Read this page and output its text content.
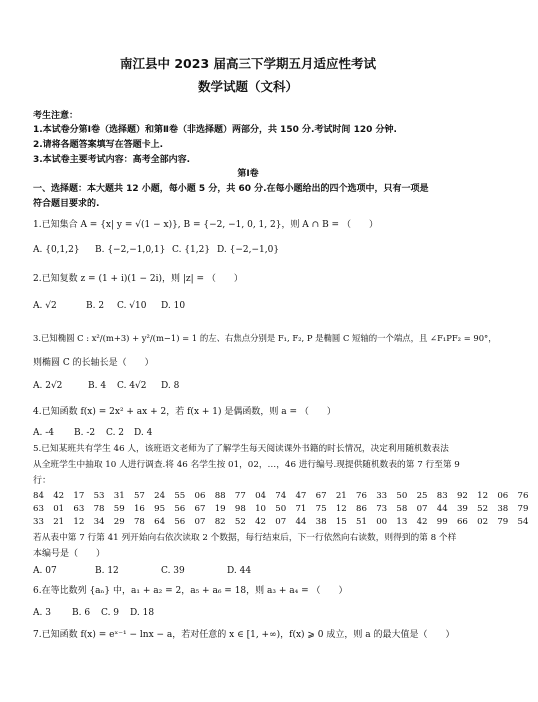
南江县中 2023 届高三下学期五月适应性考试
数学试题（文科）
考生注意：
1.本试卷分第Ⅰ卷（选择题）和第Ⅱ卷（非选择题）两部分，共 150 分.考试时间 120 分钟.
2.请将各题答案填写在答题卡上.
3.本试卷主要考试内容：高考全部内容.
第Ⅰ卷
一、选择题：本大题共 12 小题，每小题 5 分，共 60 分.在每小题给出的四个选项中，只有一项是
符合题目要求的.
1.已知集合 A = {x| y = √(1 − x)}, B = {−2, −1, 0, 1, 2}，则 A ∩ B = （　　）
A. {0,1,2} B. {−2,−1,0,1} C. {1,2} D. {−2,−1,0}
2.已知复数 z = (1 + i)(1 − 2i)，则 |z| = （　　）
A. √2	B. 2 C. √10 D. 10
3.已知椭圆 C : x²/(m+3) + y²/(m−1) = 1 的左、右焦点分别是 F₁, F₂, P 是椭圆 C 短轴的一个端点，且 ∠F₁PF₂ = 90°，
则椭圆 C 的长轴长是（　　）
A. 2√2	B. 4 C. 4√2 D. 8
4.已知函数 f(x) = 2x² + ax + 2，若 f(x + 1) 是偶函数，则 a = （　　）
A. -4 B. -2 C. 2 D. 4
5.已知某班共有学生 46 人，该班语文老师为了了解学生每天阅读课外书籍的时长情况，决定利用随机数表法
从全班学生中抽取 10 人进行调查.将 46 名学生按 01，02，…，46 进行编号.现提供随机数表的第 7 行至第 9
行：
84	42	17	53	31	57	24	55	06	88	77	04	74	47	67	21	76	33	50	25	83	92	12	06	76
63	01	63	78	59	16	95	56	67	19	98	10	50	71	75	12	86	73	58	07	44	39	52	38	79
33	21	12	34	29	78	64	56	07	82	52	42	07	44	38	15	51	00	13	42	99	66	02	79	54
若从表中第 7 行第 41 列开始向右依次读取 2 个数据，每行结束后，下一行依然向右读数，则得到的第 8 个样
本编号是（　　）
A. 07	B. 12	C. 39	D. 44
6.在等比数列 {aₙ} 中，a₁ + a₂ = 2，a₅ + a₆ = 18，则 a₃ + a₄ = （　　）
A. 3 B. 6 C. 9 D. 18
7.已知函数 f(x) = eˣ⁻¹ − lnx − a，若对任意的 x ∈ [1, +∞)，f(x) ⩾ 0 成立，则 a 的最大值是（　　）
